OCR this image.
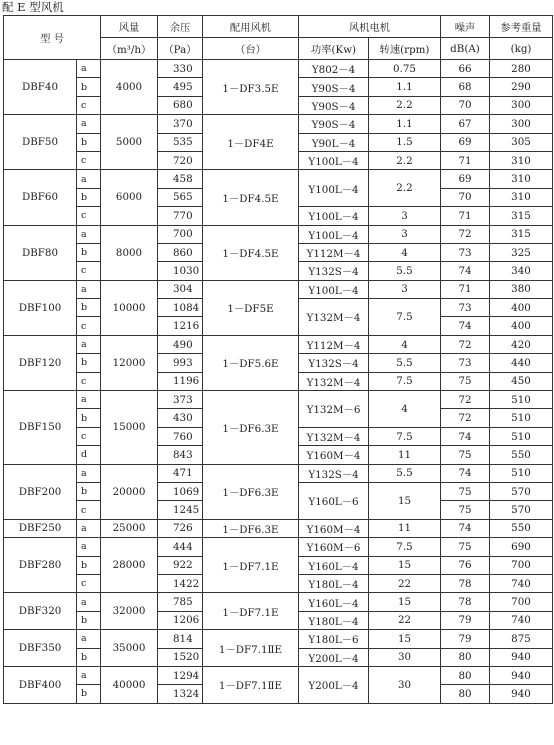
配 E 型风机
型 号		风量	余压	配用风机	风机电机		噪声	参考重量
		（m³/h）	（Pa）	（台）	功率(Kw)	转速(rpm)	dB(A)	(kg)
DBF40	a	4000	330	1－DF3.5E	Y802－4	0.75	66	280
	b		495		Y90S－4	1.1	68	290
	c		680		Y90S－4	2.2	70	300
DBF50	a	5000	370	1－DF4E	Y90S－4	1.1	67	300
	b		535		Y90L－4	1.5	69	305
	c		720		Y100L－4	2.2	71	310
DBF60	a	6000	458	1－DF4.5E	Y100L－4	2.2	69	310
	b		565				70	310
	c		770		Y100L－4	3	71	315
DBF80	a	8000	700	1－DF4.5E	Y100L－4	3	72	315
	b		860		Y112M－4	4	73	325
	c		1030		Y132S－4	5.5	74	340
DBF100	a	10000	304	1－DF5E	Y100L－4	3	71	380
	b		1084		Y132M－4	7.5	73	400
	c		1216				74	400
DBF120	a	12000	490	1－DF5.6E	Y112M－4	4	72	420
	b		993		Y132S－4	5.5	73	440
	c		1196		Y132M－4	7.5	75	450
DBF150	a	15000	373	1－DF6.3E	Y132M－6	4	72	510
	b		430				72	510
	c		760		Y132M－4	7.5	74	510
	d		843		Y160M－4	11	75	550
DBF200	a	20000	471	1－DF6.3E	Y132S－4	5.5	74	510
	b		1069		Y160L－6	15	75	570
	c		1245				75	570
DBF250	a	25000	726	1－DF6.3E	Y160M－4	11	74	550
DBF280	a	28000	444	1－DF7.1E	Y160M－6	7.5	75	690
	b		922		Y160L－4	15	76	700
	c		1422		Y180L－4	22	78	740
DBF320	a	32000	785	1－DF7.1E	Y160L－4	15	78	700
	b		1206		Y180L－4	22	79	740
DBF350	a	35000	814	1－DF7.1ⅡE	Y180L－6	15	79	875
	b		1520		Y200L－4	30	80	940
DBF400	a	40000	1294	1－DF7.1ⅡE	Y200L－4	30	80	940
	b		1324				80	940
